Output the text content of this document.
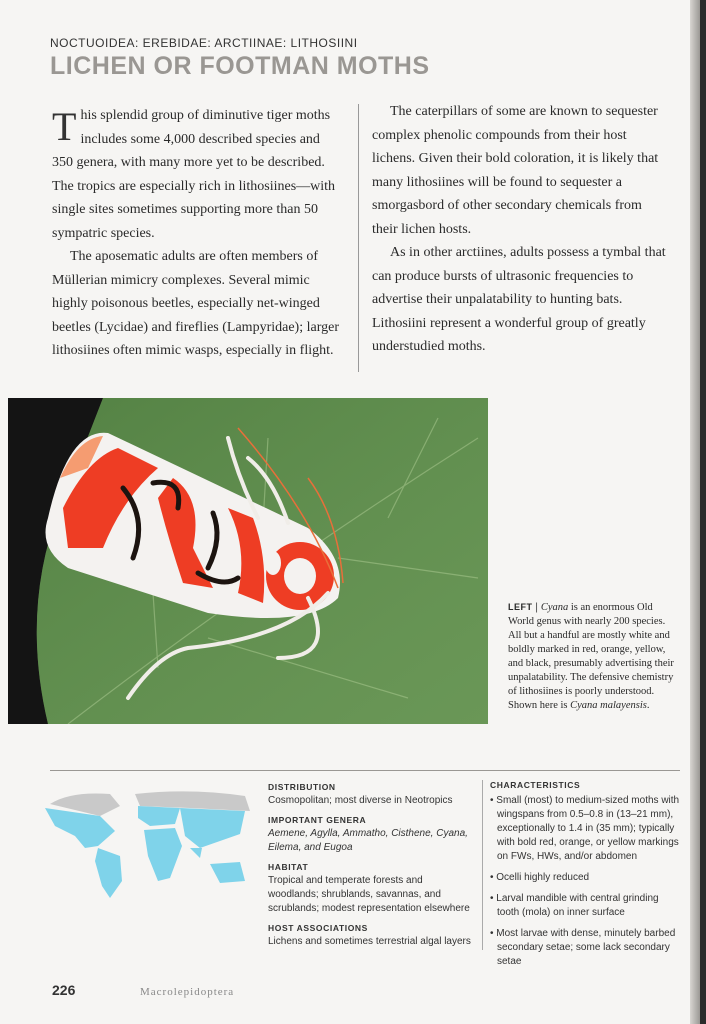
NOCTUOIDEA: EREBIDAE: ARCTIINAE: LITHOSIINI
LICHEN OR FOOTMAN MOTHS

This splendid group of diminutive tiger moths includes some 4,000 described species and 350 genera, with many more yet to be described. The tropics are especially rich in lithosiines—with single sites sometimes supporting more than 50 sympatric species.

The aposematic adults are often members of Müllerian mimicry complexes. Several mimic highly poisonous beetles, especially net-winged beetles (Lycidae) and fireflies (Lampyridae); larger lithosiines often mimic wasps, especially in flight.

The caterpillars of some are known to sequester complex phenolic compounds from their host lichens. Given their bold coloration, it is likely that many lithosiines will be found to sequester a smorgasbord of other secondary chemicals from their lichen hosts.

As in other arctiines, adults possess a tymbal that can produce bursts of ultrasonic frequencies to advertise their unpalatability to hunting bats. Lithosiini represent a wonderful group of greatly understudied moths.

LEFT | Cyana is an enormous Old World genus with nearly 200 species. All but a handful are mostly white and boldly marked in red, orange, yellow, and black, presumably advertising their unpalatability. The defensive chemistry of lithosiines is poorly understood. Shown here is Cyana malayensis.
DISTRIBUTION
Cosmopolitan; most diverse in Neotropics
IMPORTANT GENERA
Aemene, Agylla, Ammatho, Cisthene, Cyana, Eilema, and Eugoa
HABITAT
Tropical and temperate forests and woodlands; shrublands, savannas, and scrublands; modest representation elsewhere
HOST ASSOCIATIONS
Lichens and sometimes terrestrial algal layers
CHARACTERISTICS
• Small (most) to medium-sized moths with wingspans from 0.5–0.8 in (13–21 mm), exceptionally to 1.4 in (35 mm); typically with bold red, orange, or yellow markings on FWs, HWs, and/or abdomen
• Ocelli highly reduced
• Larval mandible with central grinding tooth (mola) on inner surface
• Most larvae with dense, minutely barbed secondary setae; some lack secondary setae
226	Macrolepidoptera
